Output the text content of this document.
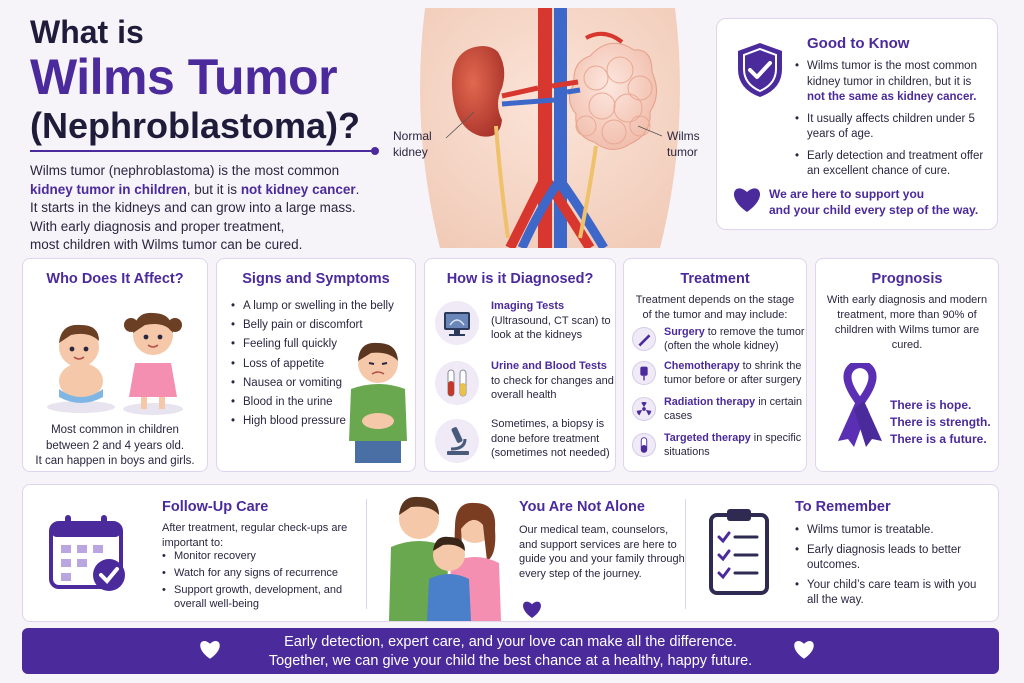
What is
Wilms Tumor
(Nephroblastoma)?
Wilms tumor (nephroblastoma) is the most common
kidney tumor in children, but it is not kidney cancer.
It starts in the kidneys and can grow into a large mass.
With early diagnosis and proper treatment,
most children with Wilms tumor can be cured.
Normal kidney
Wilms tumor
Good to Know
• Wilms tumor is the most common kidney tumor in children, but it is not the same as kidney cancer.
• It usually affects children under 5 years of age.
• Early detection and treatment offer an excellent chance of cure.
We are here to support you
and your child every step of the way.
Who Does It Affect?
Most common in children
between 2 and 4 years old.
It can happen in boys and girls.
Signs and Symptoms
• A lump or swelling in the belly
• Belly pain or discomfort
• Feeling full quickly
• Loss of appetite
• Nausea or vomiting
• Blood in the urine
• High blood pressure
How is it Diagnosed?
Imaging Tests
(Ultrasound, CT scan) to look at the kidneys
Urine and Blood Tests
to check for changes and overall health
Sometimes, a biopsy is done before treatment (sometimes not needed)
Treatment
Treatment depends on the stage of the tumor and may include:
Surgery to remove the tumor (often the whole kidney)
Chemotherapy to shrink the tumor before or after surgery
Radiation therapy in certain cases
Targeted therapy in specific situations
Prognosis
With early diagnosis and modern treatment, more than 90% of children with Wilms tumor are cured.
There is hope.
There is strength.
There is a future.
Follow-Up Care
After treatment, regular check-ups are important to:
• Monitor recovery
• Watch for any signs of recurrence
• Support growth, development, and overall well-being
You Are Not Alone
Our medical team, counselors, and support services are here to guide you and your family through every step of the journey.
To Remember
• Wilms tumor is treatable.
• Early diagnosis leads to better outcomes.
• Your child’s care team is with you all the way.
Early detection, expert care, and your love can make all the difference.
Together, we can give your child the best chance at a healthy, happy future.
